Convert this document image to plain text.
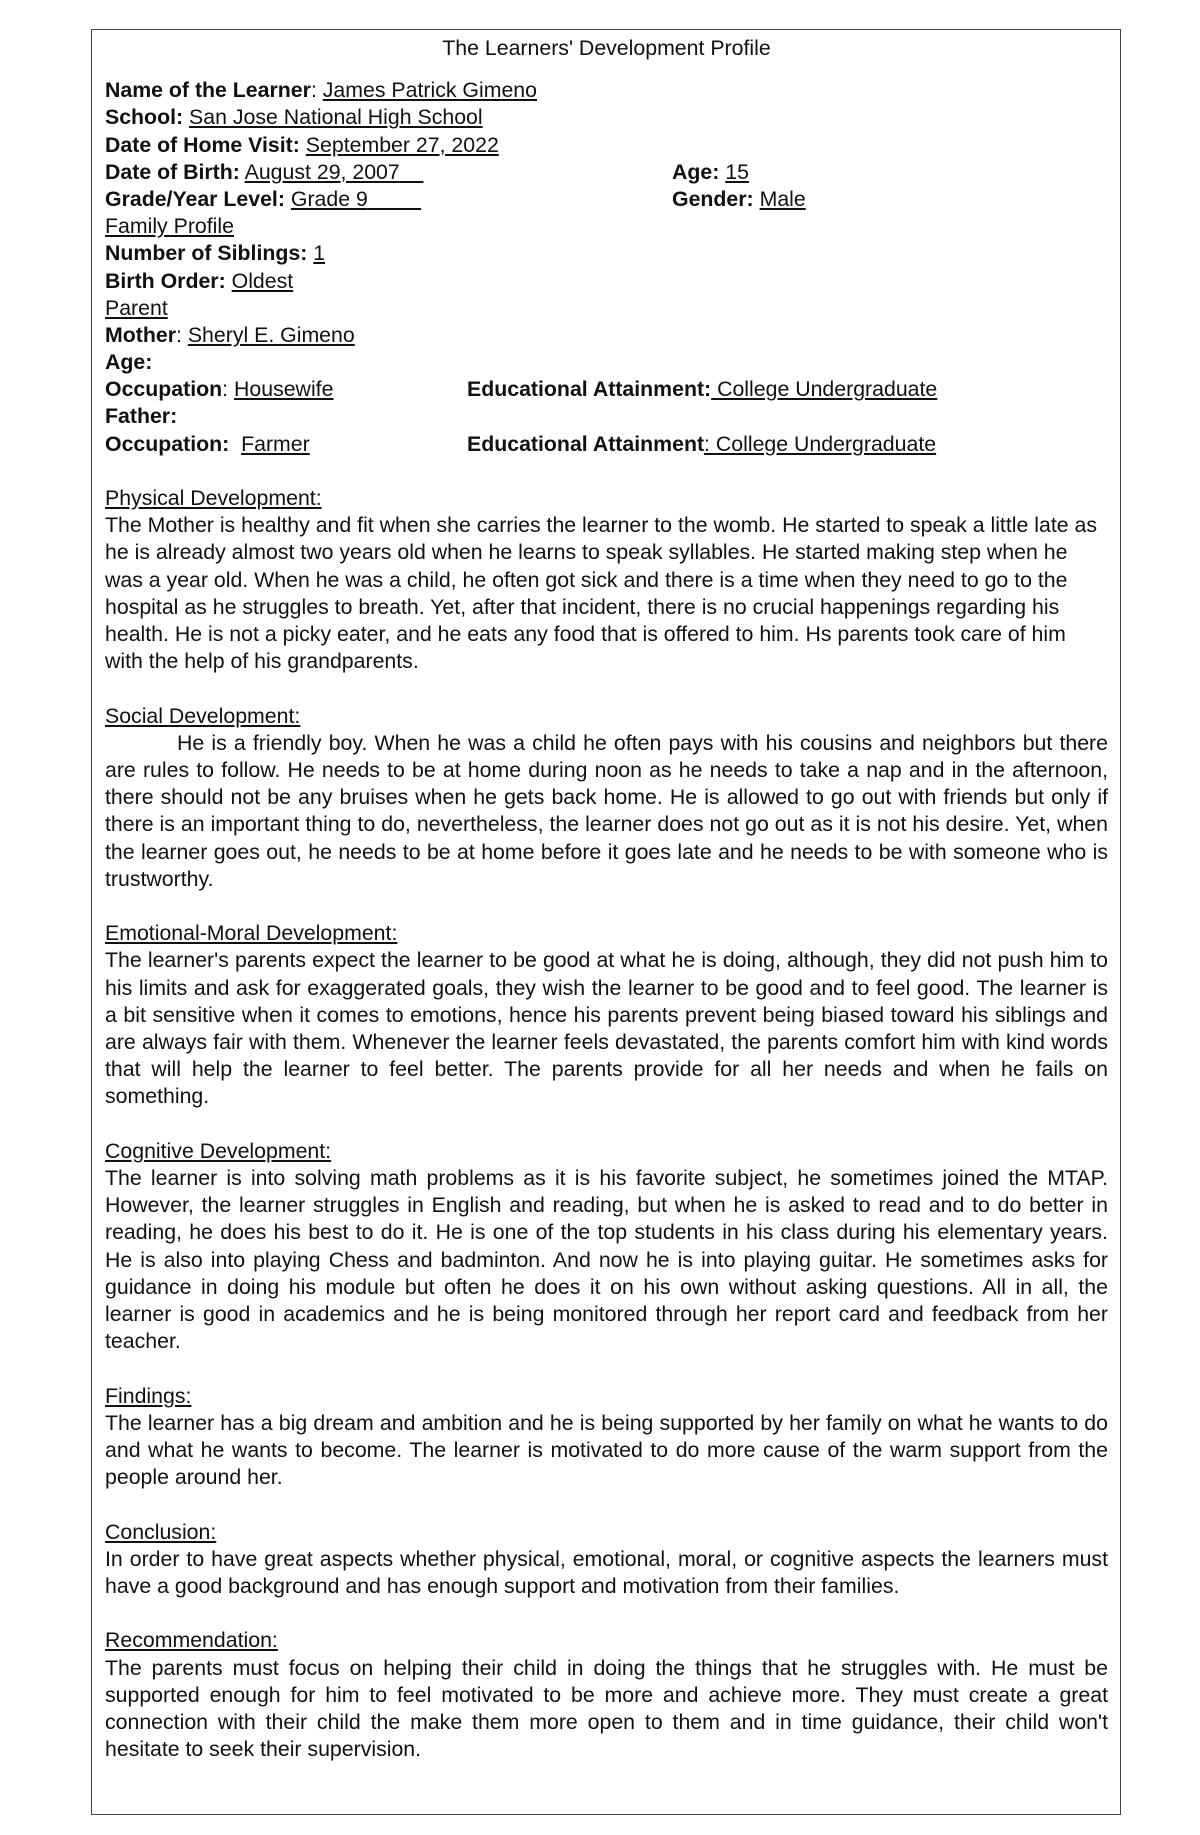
The Learners' Development Profile
Name of the Learner: James Patrick Gimeno
School: San Jose National High School
Date of Home Visit: September 27, 2022
Date of Birth: August 29, 2007	Age: 15
Grade/Year Level: Grade 9	Gender: Male
Family Profile
Number of Siblings: 1
Birth Order: Oldest
Parent
Mother: Sheryl E. Gimeno
Age:
Occupation: Housewife	Educational Attainment: College Undergraduate
Father:
Occupation: Farmer	Educational Attainment: College Undergraduate
Physical Development:

The Mother is healthy and fit when she carries the learner to the womb. He started to speak a little late as he is already almost two years old when he learns to speak syllables. He started making step when he was a year old. When he was a child, he often got sick and there is a time when they need to go to the hospital as he struggles to breath. Yet, after that incident, there is no crucial happenings regarding his health. He is not a picky eater, and he eats any food that is offered to him. Hs parents took care of him with the help of his grandparents.

Social Development:

He is a friendly boy. When he was a child he often pays with his cousins and neighbors but there are rules to follow. He needs to be at home during noon as he needs to take a nap and in the afternoon, there should not be any bruises when he gets back home. He is allowed to go out with friends but only if there is an important thing to do, nevertheless, the learner does not go out as it is not his desire. Yet, when the learner goes out, he needs to be at home before it goes late and he needs to be with someone who is trustworthy.

Emotional-Moral Development:

The learner's parents expect the learner to be good at what he is doing, although, they did not push him to his limits and ask for exaggerated goals, they wish the learner to be good and to feel good. The learner is a bit sensitive when it comes to emotions, hence his parents prevent being biased toward his siblings and are always fair with them. Whenever the learner feels devastated, the parents comfort him with kind words that will help the learner to feel better. The parents provide for all her needs and when he fails on something.

Cognitive Development:

The learner is into solving math problems as it is his favorite subject, he sometimes joined the MTAP. However, the learner struggles in English and reading, but when he is asked to read and to do better in reading, he does his best to do it. He is one of the top students in his class during his elementary years. He is also into playing Chess and badminton. And now he is into playing guitar. He sometimes asks for guidance in doing his module but often he does it on his own without asking questions. All in all, the learner is good in academics and he is being monitored through her report card and feedback from her teacher.

Findings:

The learner has a big dream and ambition and he is being supported by her family on what he wants to do and what he wants to become. The learner is motivated to do more cause of the warm support from the people around her.

Conclusion:

In order to have great aspects whether physical, emotional, moral, or cognitive aspects the learners must have a good background and has enough support and motivation from their families.

Recommendation:

The parents must focus on helping their child in doing the things that he struggles with. He must be supported enough for him to feel motivated to be more and achieve more. They must create a great connection with their child the make them more open to them and in time guidance, their child won't hesitate to seek their supervision.
